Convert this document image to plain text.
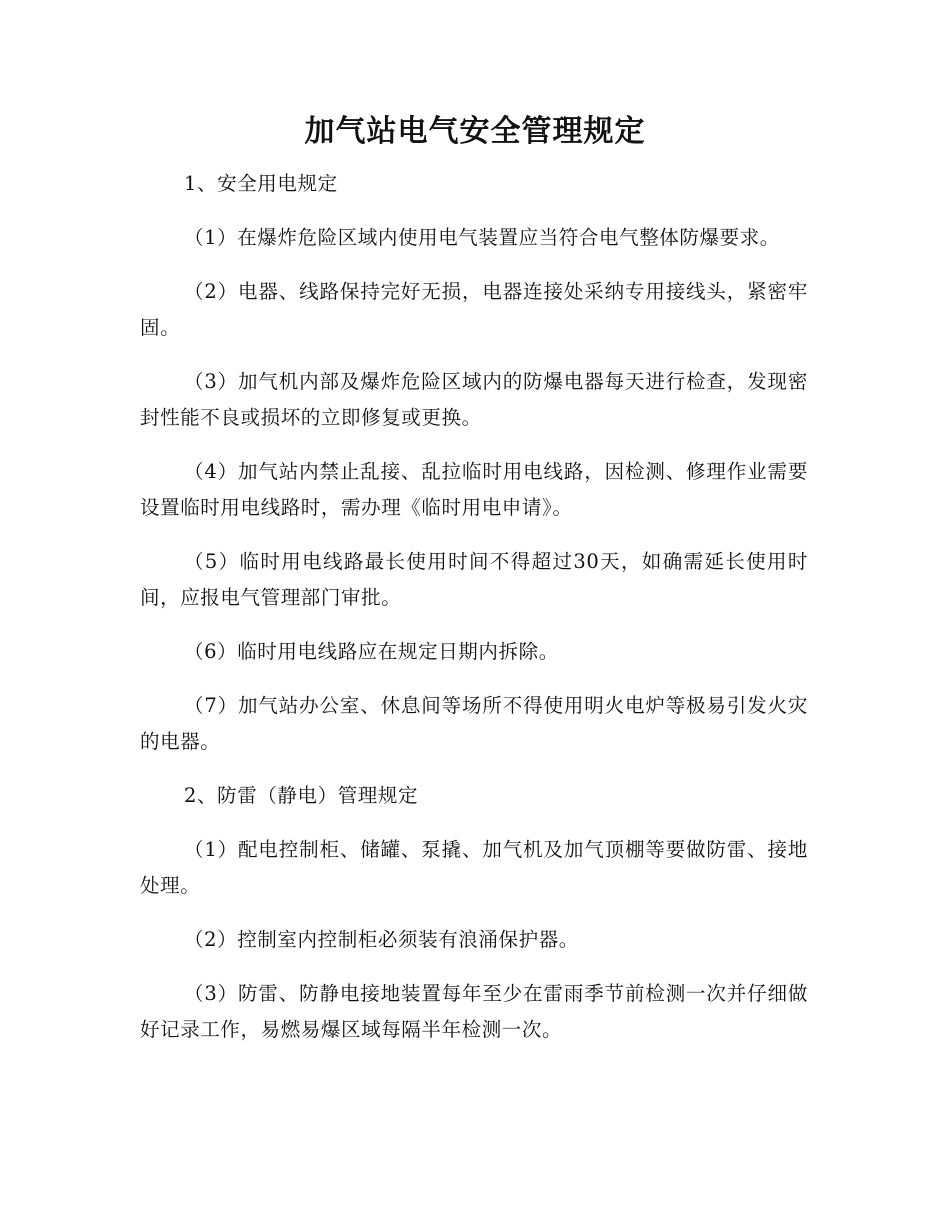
加气站电气安全管理规定

1、安全用电规定

（1）在爆炸危险区域内使用电气装置应当符合电气整体防爆要求。

（2）电器、线路保持完好无损，电器连接处采纳专用接线头，紧密牢固。

（3）加气机内部及爆炸危险区域内的防爆电器每天进行检查，发现密封性能不良或损坏的立即修复或更换。

（4）加气站内禁止乱接、乱拉临时用电线路，因检测、修理作业需要设置临时用电线路时，需办理《临时用电申请》。

（5）临时用电线路最长使用时间不得超过30天，如确需延长使用时间，应报电气管理部门审批。

（6）临时用电线路应在规定日期内拆除。

（7）加气站办公室、休息间等场所不得使用明火电炉等极易引发火灾的电器。

2、防雷（静电）管理规定

（1）配电控制柜、储罐、泵撬、加气机及加气顶棚等要做防雷、接地处理。

（2）控制室内控制柜必须装有浪涌保护器。

（3）防雷、防静电接地装置每年至少在雷雨季节前检测一次并仔细做好记录工作，易燃易爆区域每隔半年检测一次。
